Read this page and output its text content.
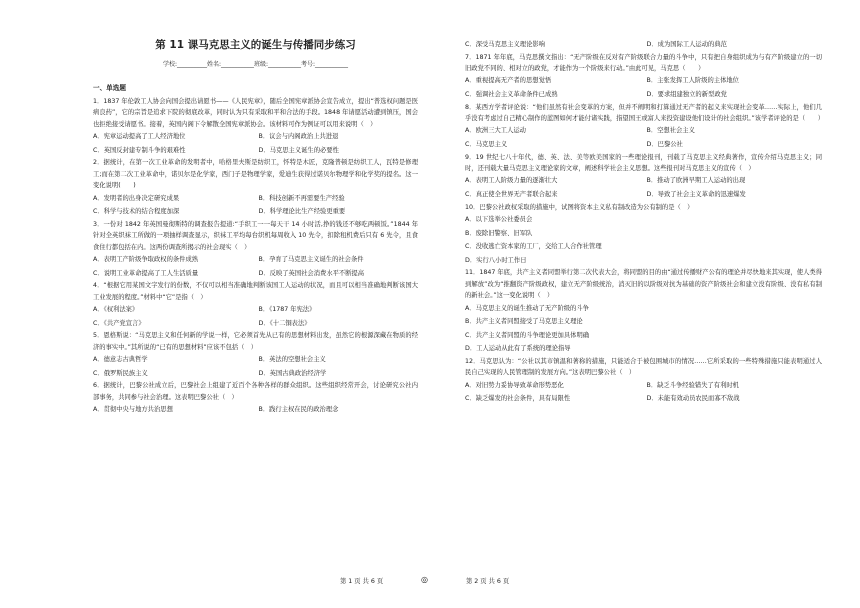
第 11 课马克思主义的诞生与传播同步练习
学校:__________姓名:___________班级:___________考号:___________
一、单选题
1．1837 年伦敦工人协会向国会提出请愿书——《人民宪章》，随后全国宪章派协会宣告成立，提出“普选权问题是医病良药”，它的宗旨是追求下院的彻底改革，同时认为只有采取和平和合法的手段。1848 年请愿活动遭到镇压，国会也拒绝接受请愿书。接着，英国内阁下令解散全国宪章派协会。该材料可作为例证可以用来说明（　）
A．宪章运动提高了工人经济地位	B．议会与内阁政治上共进退
C．英国反封建专制斗争的艰难性	D．马克思主义诞生的必要性
2．据统计，在第一次工业革命的发明者中，哈格里夫斯是纺织工，怀特是木匠，克隆普顿是纺织工人，瓦特是修理工;而在第二次工业革命中，诺贝尔是化学家，西门子是物理学家，爱迪生获得过诺贝尔物理学和化学奖的提名。这一变化说明(　　)
A．发明者的出身决定研究成果	B．科技创新不再需要生产经验
C．科学与技术的结合程度加深	D．科学理论比生产经验更重要
3．一份对 1842 年英国曼彻斯特的调查报告提道:“手织工一一每天干 14 小时活,挣的钱还不够吃两顿饭。”1844 年针对全英织袜工所做的一项抽样调查显示，织袜工平均每台织机每周收入 10 先令，扣除租机费后只有 6 先令，且食食住行都包括在内。这两份调查所揭示的社会现实（　）
A．表明工产阶级争取政权的条件成熟	B．孕育了马克思主义诞生的社会条件
C．说明工业革命提高了工人生活质量	D．反映了英国社会消费水平不断提高
4．“根据它用某国文字发行的份数，不仅可以相当准确地判断该国工人运动的状况，而且可以相当准确地判断该国大工业发展的程度。”材料中“它”是指（　）
A．《权利法案》	B．《1787 年宪法》
C．《共产党宣言》	D．《十二铜表法》
5．恩格斯说：“马克思主义和任何新的学说一样，它必须首先从已有的思想材料出发，虽然它的根源深藏在物质的经济的事实中。”其所说的“已有的思想材料”应该不包括（　）
A．德意志古典哲学	B．英法的空想社会主义
C．俄罗斯民族主义	D．英国古典政治经济学
6．据统计，巴黎公社成立后，巴黎社会上组建了近百个各种各样的群众组织。这些组织经常开会，讨论研究公社内部事务，共同参与社会治理。这表明巴黎公社（　）
A．贯彻中央与地方共治思想	B．践行主权在民的政治理念
C．深受马克思主义理论影响	D．成为国际工人运动的典范
7．1871 年年底，马克思撰文指出：“无产阶级在反对有产阶级联合力量的斗争中，只有把自身组织成为与有产阶级建立的一切旧政党不同的、相对立的政党，才能作为一个阶级来行动。”由此可见，马克思（　　）
A．重视提高无产者的思想觉悟	B．主张发挥工人阶级的主体地位
C．强调社会主义革命条件已成熟	D．要求组建独立的新型政党
8．某西方学者评论说：“他们虽然有社会变革的方案，但并不阐明和打算通过无产者的起义来实现社会变革……实际上，他们几乎没有考虑过自己精心制作的蓝图如何才能付诸实践，指望国王或富人来投资建设他们设计的社会组织。”该学者评论的是（　　）
A．欧洲三大工人运动	B．空想社会主义
C．马克思主义	D．巴黎公社
9．19 世纪七八十年代，德、英、法、美等欧美国家的一些理论报刊，刊载了马克思主义经典著作，宣传介绍马克思主义；同时，还刊载大量马克思主义理论家的文章，阐述科学社会主义思想。这些报刊对马克思主义的宣传（　）
A．表明工人阶级力量的逐渐壮大	B．推动了欧洲早期工人运动的出现
C．真正使全世界无产者联合起来	D．导致了社会主义革命的迅速爆发
10．巴黎公社政权采取的措施中，试图将资本主义私有制改造为公有制的是（　）
A．以下选举公社委员会
B．废除旧警察、旧军队
C．没收逃亡资本家的工厂，交给工人合作社管理
D．实行八小时工作日
11．1847 年底，共产主义者同盟举行第二次代表大会，将同盟的目的由“通过传播财产公有的理论并尽快地来其实现，使人类得到解放”改为“推翻资产阶级政权，建立无产阶级统治，消灭旧的以阶级对抗为基础的资产阶级社会和建立没有阶级、没有私有制的新社会。”这一变化说明（　）
A．马克思主义的诞生推动了无产阶级的斗争
B．共产主义者同盟接受了马克思主义理论
C．共产主义者同盟的斗争理论更加具体明确
D．工人运动从此有了系统的理论指导
12．马克思认为：“公社以其市镇温和著称的措施，只能适合于被包围城市的情况……它所采取的一些特殊措施只能表明通过人民自己实现的人民管理制的发展方向。”这表明巴黎公社（　）
A．对旧势力妥协导致革命形势恶化	B．缺乏斗争经验错失了有利时机
C．缺乏爆发的社会条件，具有局限性	D．未能有效动员农民而寡不敌战
第 1 页 共 6 页	◎	第 2 页 共 6 页
